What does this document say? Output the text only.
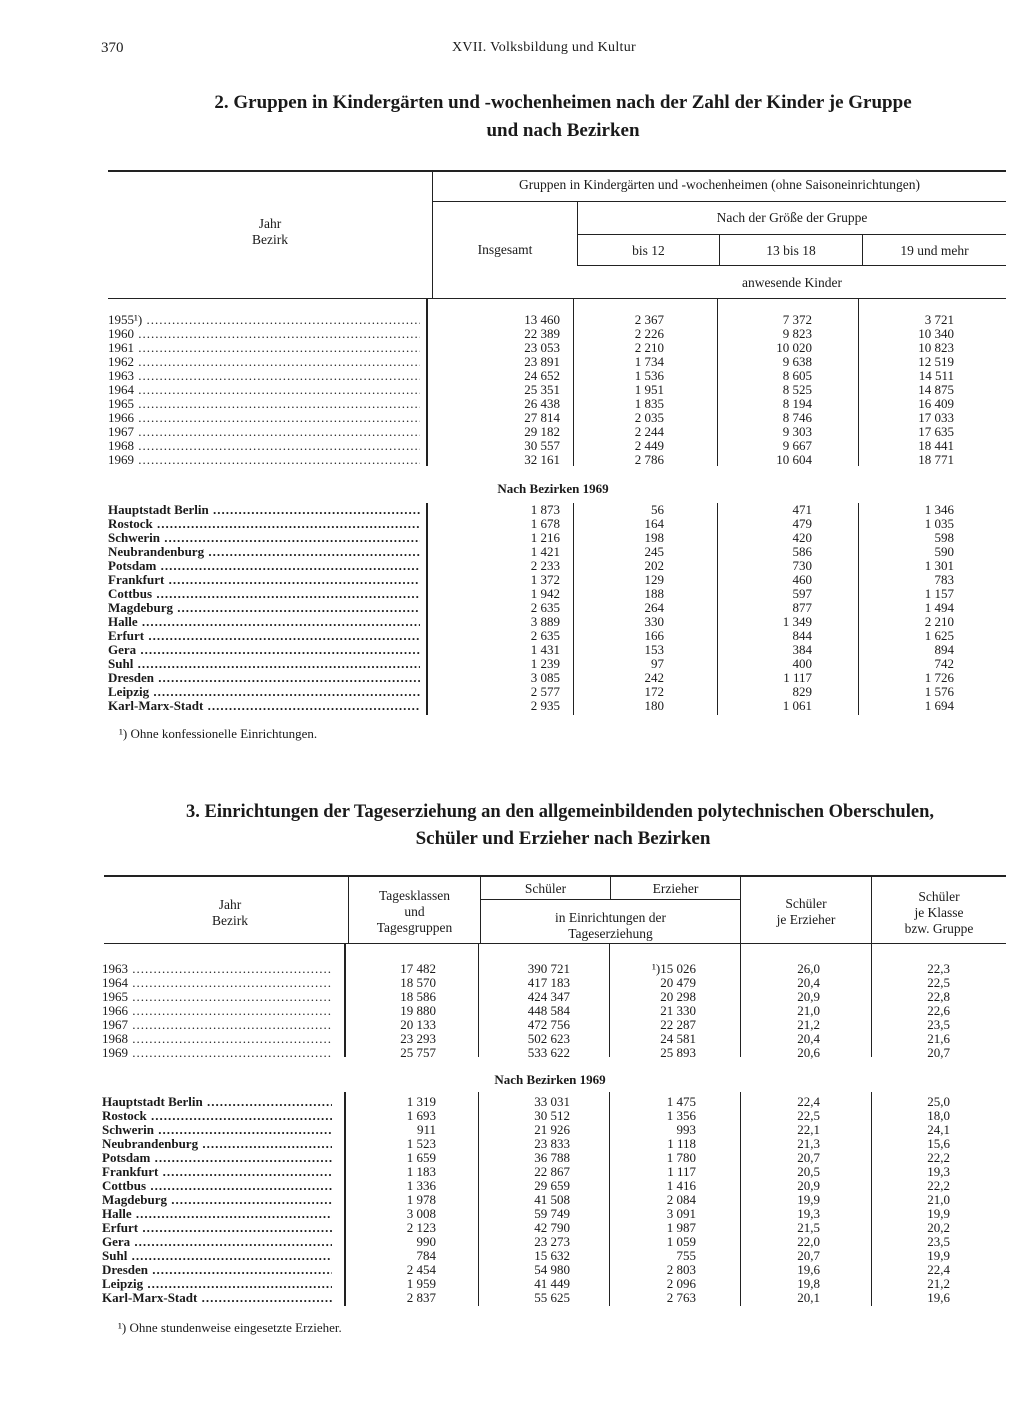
370	XVII. Volksbildung und Kultur
2. Gruppen in Kindergärten und -wochenheimen nach der Zahl der Kinder je Gruppe
und nach Bezirken
Jahr
Bezirk
Gruppen in Kindergärten und -wochenheimen (ohne Saisoneinrichtungen)
Insgesamt
Nach der Größe der Gruppe
bis 12	13 bis 18	19 und mehr
anwesende Kinder
1955¹) .....	13 460	2 367	7 372	3 721
1960 .....	22 389	2 226	9 823	10 340
1961 .....	23 053	2 210	10 020	10 823
1962 .....	23 891	1 734	9 638	12 519
1963 .....	24 652	1 536	8 605	14 511
1964 .....	25 351	1 951	8 525	14 875
1965 .....	26 438	1 835	8 194	16 409
1966 .....	27 814	2 035	8 746	17 033
1967 .....	29 182	2 244	9 303	17 635
1968 .....	30 557	2 449	9 667	18 441
1969 .....	32 161	2 786	10 604	18 771
Nach Bezirken 1969
Hauptstadt Berlin .....	1 873	56	471	1 346
Rostock .....	1 678	164	479	1 035
Schwerin .....	1 216	198	420	598
Neubrandenburg .....	1 421	245	586	590
Potsdam .....	2 233	202	730	1 301
Frankfurt .....	1 372	129	460	783
Cottbus .....	1 942	188	597	1 157
Magdeburg .....	2 635	264	877	1 494
Halle .....	3 889	330	1 349	2 210
Erfurt .....	2 635	166	844	1 625
Gera .....	1 431	153	384	894
Suhl .....	1 239	97	400	742
Dresden .....	3 085	242	1 117	1 726
Leipzig .....	2 577	172	829	1 576
Karl-Marx-Stadt .....	2 935	180	1 061	1 694
¹) Ohne konfessionelle Einrichtungen.
3. Einrichtungen der Tageserziehung an den allgemeinbildenden polytechnischen Oberschulen,
Schüler und Erzieher nach Bezirken
Jahr
Bezirk
Tagesklassen
und
Tagesgruppen
Schüler	Erzieher
in Einrichtungen der
Tageserziehung
Schüler
je Erzieher
Schüler
je Klasse
bzw. Gruppe
1963 .....	17 482	390 721	¹)15 026	26,0	22,3
1964 .....	18 570	417 183	20 479	20,4	22,5
1965 .....	18 586	424 347	20 298	20,9	22,8
1966 .....	19 880	448 584	21 330	21,0	22,6
1967 .....	20 133	472 756	22 287	21,2	23,5
1968 .....	23 293	502 623	24 581	20,4	21,6
1969 .....	25 757	533 622	25 893	20,6	20,7
Nach Bezirken 1969
Hauptstadt Berlin .....	1 319	33 031	1 475	22,4	25,0
Rostock .....	1 693	30 512	1 356	22,5	18,0
Schwerin .....	911	21 926	993	22,1	24,1
Neubrandenburg .....	1 523	23 833	1 118	21,3	15,6
Potsdam .....	1 659	36 788	1 780	20,7	22,2
Frankfurt .....	1 183	22 867	1 117	20,5	19,3
Cottbus .....	1 336	29 659	1 416	20,9	22,2
Magdeburg .....	1 978	41 508	2 084	19,9	21,0
Halle .....	3 008	59 749	3 091	19,3	19,9
Erfurt .....	2 123	42 790	1 987	21,5	20,2
Gera .....	990	23 273	1 059	22,0	23,5
Suhl .....	784	15 632	755	20,7	19,9
Dresden .....	2 454	54 980	2 803	19,6	22,4
Leipzig .....	1 959	41 449	2 096	19,8	21,2
Karl-Marx-Stadt .....	2 837	55 625	2 763	20,1	19,6
¹) Ohne stundenweise eingesetzte Erzieher.
